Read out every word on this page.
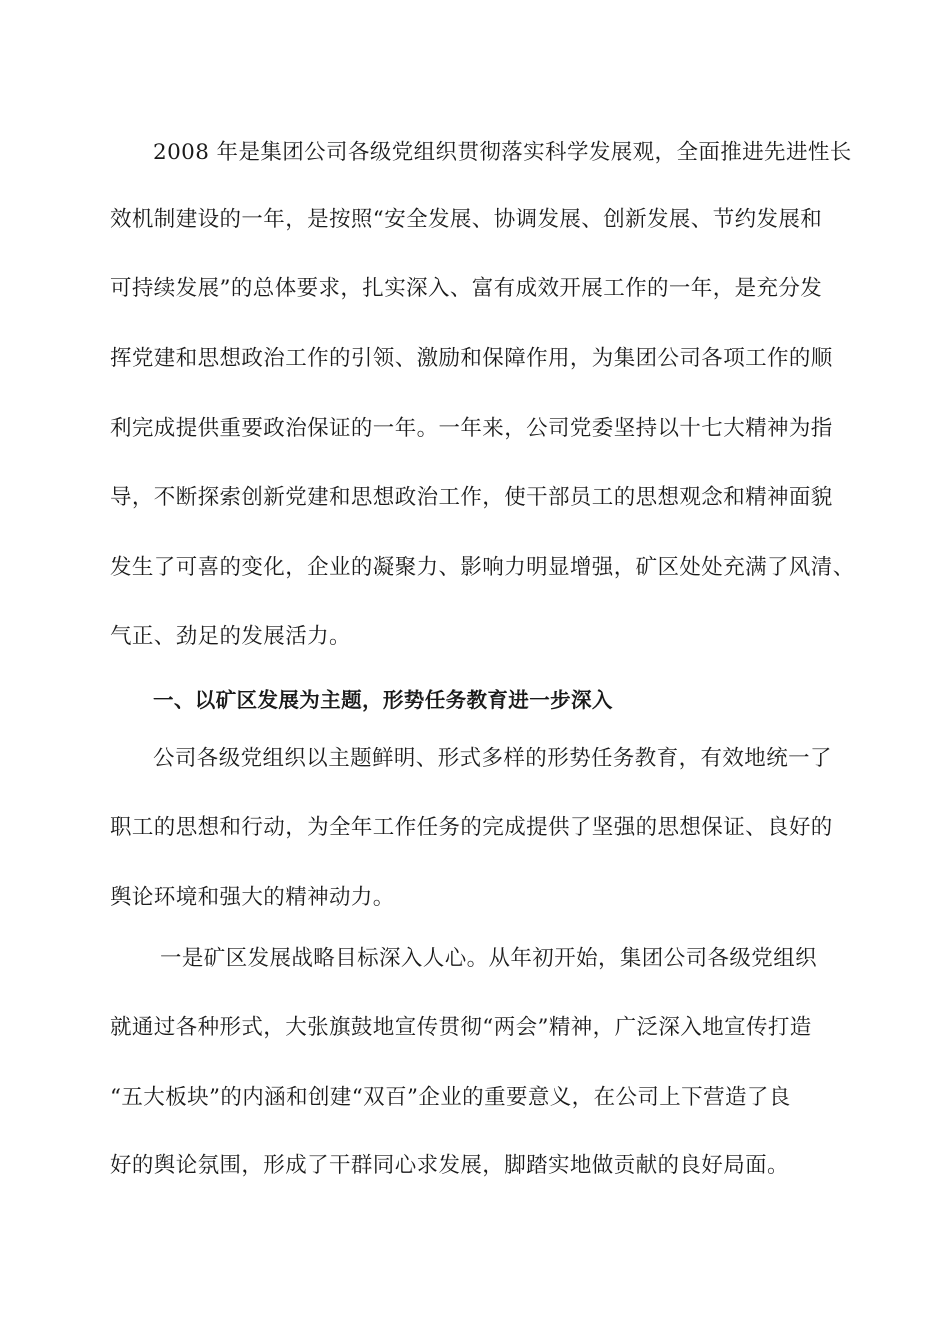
2008 年是集团公司各级党组织贯彻落实科学发展观，全面推进先进性长
效机制建设的一年，是按照“安全发展、协调发展、创新发展、节约发展和
可持续发展”的总体要求，扎实深入、富有成效开展工作的一年，是充分发
挥党建和思想政治工作的引领、激励和保障作用，为集团公司各项工作的顺
利完成提供重要政治保证的一年。一年来，公司党委坚持以十七大精神为指
导，不断探索创新党建和思想政治工作，使干部员工的思想观念和精神面貌
发生了可喜的变化，企业的凝聚力、影响力明显增强，矿区处处充满了风清、
气正、劲足的发展活力。
一、以矿区发展为主题，形势任务教育进一步深入
公司各级党组织以主题鲜明、形式多样的形势任务教育，有效地统一了
职工的思想和行动，为全年工作任务的完成提供了坚强的思想保证、良好的
舆论环境和强大的精神动力。
一是矿区发展战略目标深入人心。从年初开始，集团公司各级党组织
就通过各种形式，大张旗鼓地宣传贯彻“两会”精神，广泛深入地宣传打造
“五大板块”的内涵和创建“双百”企业的重要意义，在公司上下营造了良
好的舆论氛围，形成了干群同心求发展，脚踏实地做贡献的良好局面。
